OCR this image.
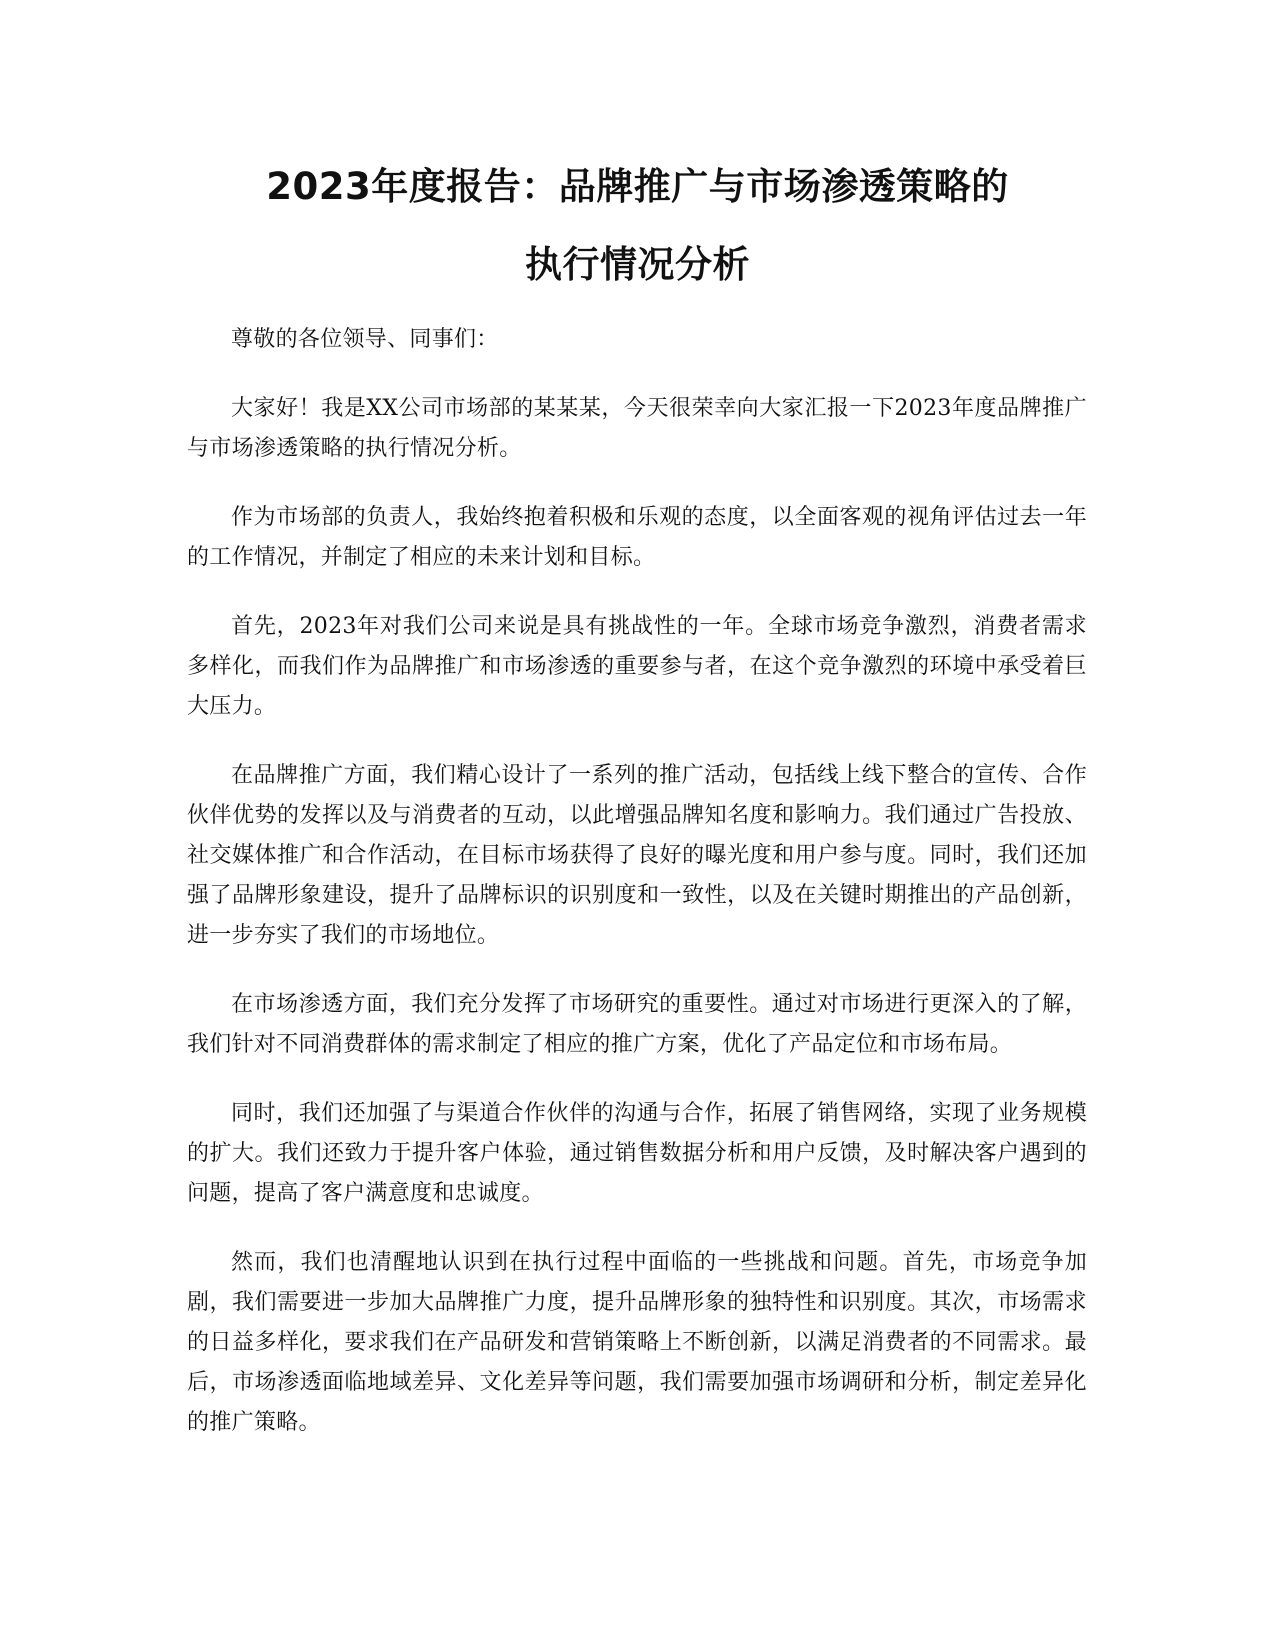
2023年度报告：品牌推广与市场渗透策略的
执行情况分析

尊敬的各位领导、同事们：

大家好！我是XX公司市场部的某某某，今天很荣幸向大家汇报一下2023年度品牌推广与市场渗透策略的执行情况分析。

作为市场部的负责人，我始终抱着积极和乐观的态度，以全面客观的视角评估过去一年的工作情况，并制定了相应的未来计划和目标。

首先，2023年对我们公司来说是具有挑战性的一年。全球市场竞争激烈，消费者需求多样化，而我们作为品牌推广和市场渗透的重要参与者，在这个竞争激烈的环境中承受着巨大压力。

在品牌推广方面，我们精心设计了一系列的推广活动，包括线上线下整合的宣传、合作伙伴优势的发挥以及与消费者的互动，以此增强品牌知名度和影响力。我们通过广告投放、社交媒体推广和合作活动，在目标市场获得了良好的曝光度和用户参与度。同时，我们还加强了品牌形象建设，提升了品牌标识的识别度和一致性，以及在关键时期推出的产品创新，进一步夯实了我们的市场地位。

在市场渗透方面，我们充分发挥了市场研究的重要性。通过对市场进行更深入的了解，我们针对不同消费群体的需求制定了相应的推广方案，优化了产品定位和市场布局。

同时，我们还加强了与渠道合作伙伴的沟通与合作，拓展了销售网络，实现了业务规模的扩大。我们还致力于提升客户体验，通过销售数据分析和用户反馈，及时解决客户遇到的问题，提高了客户满意度和忠诚度。

然而，我们也清醒地认识到在执行过程中面临的一些挑战和问题。首先，市场竞争加剧，我们需要进一步加大品牌推广力度，提升品牌形象的独特性和识别度。其次，市场需求的日益多样化，要求我们在产品研发和营销策略上不断创新，以满足消费者的不同需求。最后，市场渗透面临地域差异、文化差异等问题，我们需要加强市场调研和分析，制定差异化的推广策略。
